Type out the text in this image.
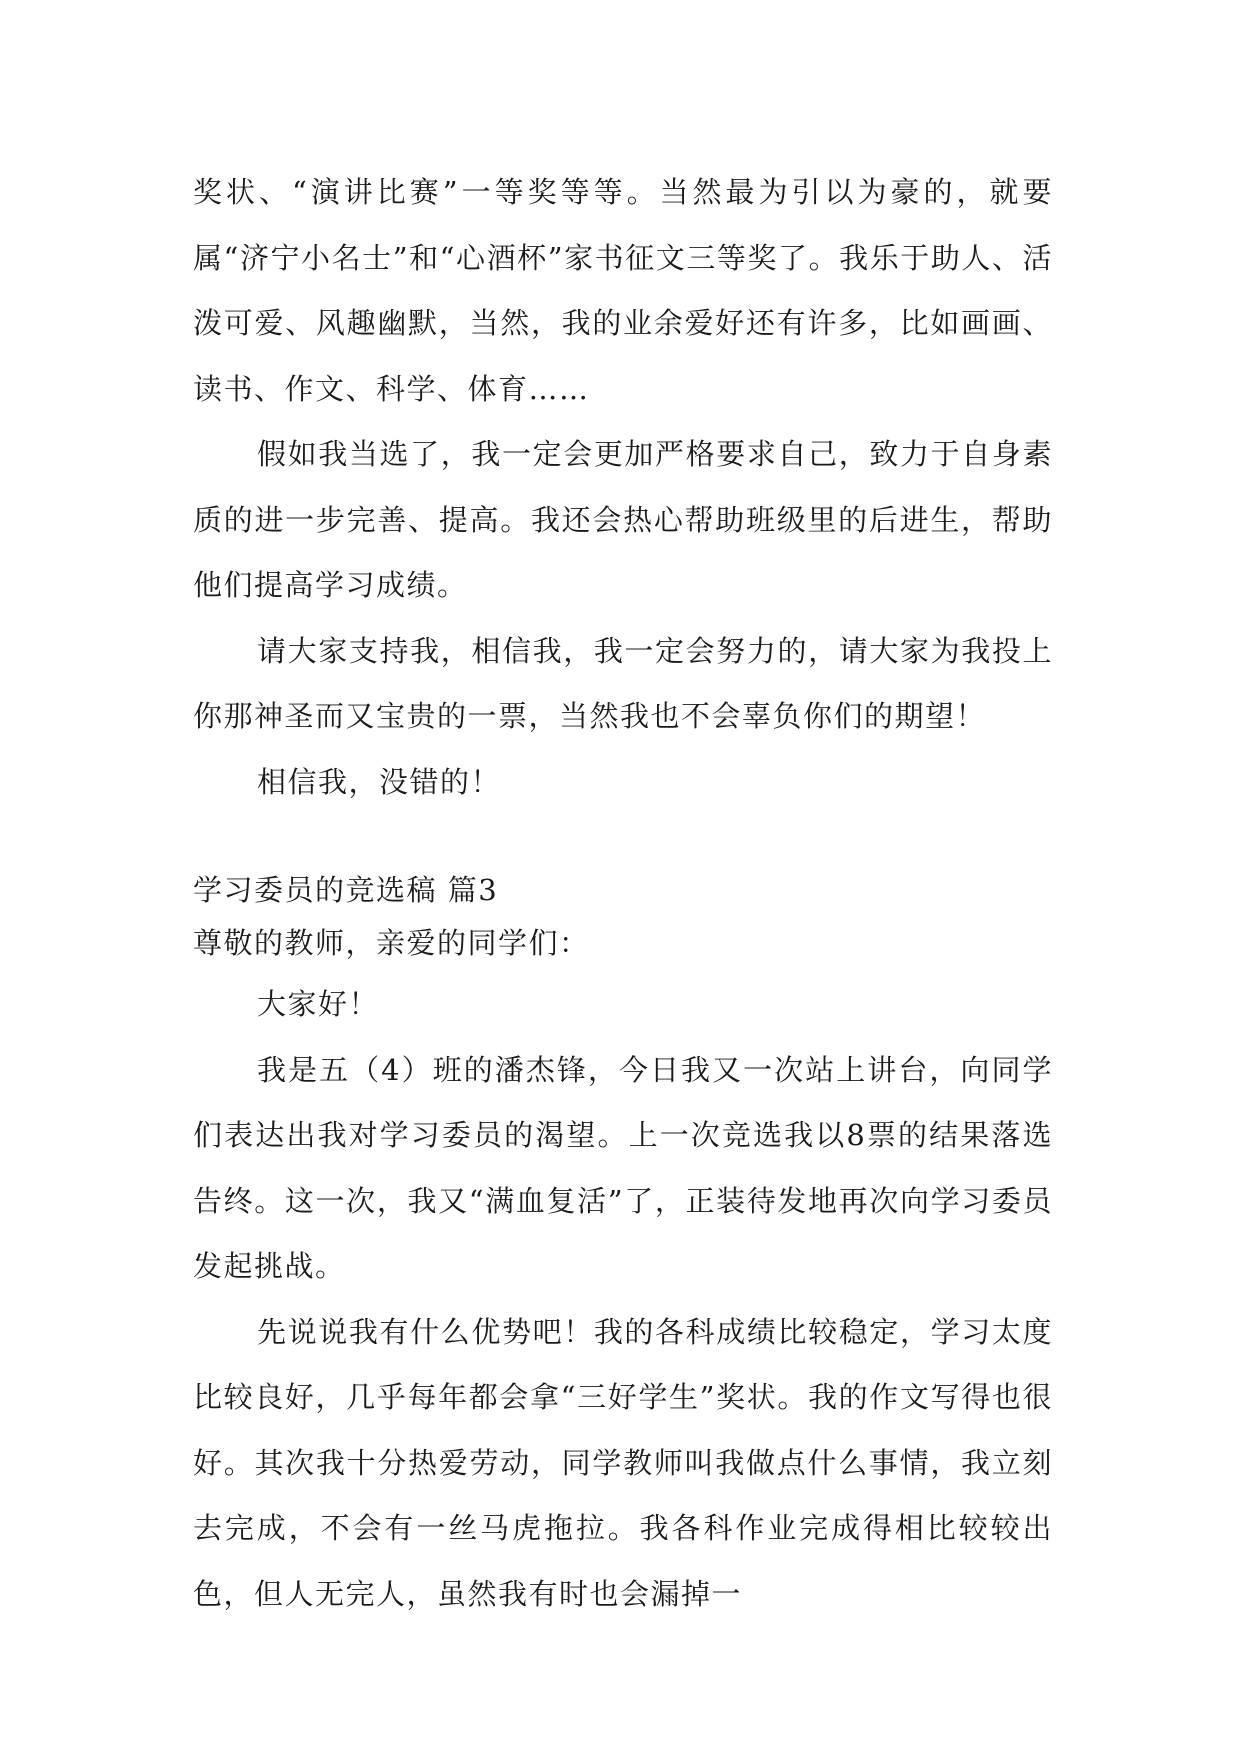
奖状、“演讲比赛”一等奖等等。当然最为引以为豪的，就要属“济宁小名士”和“心酒杯”家书征文三等奖了。我乐于助人、活泼可爱、风趣幽默，当然，我的业余爱好还有许多，比如画画、读书、作文、科学、体育……

假如我当选了，我一定会更加严格要求自己，致力于自身素质的进一步完善、提高。我还会热心帮助班级里的后进生，帮助他们提高学习成绩。

请大家支持我，相信我，我一定会努力的，请大家为我投上你那神圣而又宝贵的一票，当然我也不会辜负你们的期望！

相信我，没错的！

学习委员的竞选稿 篇3

尊敬的教师，亲爱的同学们：

大家好！

我是五（4）班的潘杰锋，今日我又一次站上讲台，向同学们表达出我对学习委员的渴望。上一次竞选我以8票的结果落选告终。这一次，我又“满血复活”了，正装待发地再次向学习委员发起挑战。

先说说我有什么优势吧！我的各科成绩比较稳定，学习太度比较良好，几乎每年都会拿“三好学生”奖状。我的作文写得也很好。其次我十分热爱劳动，同学教师叫我做点什么事情，我立刻去完成，不会有一丝马虎拖拉。我各科作业完成得相比较较出色，但人无完人，虽然我有时也会漏掉一
